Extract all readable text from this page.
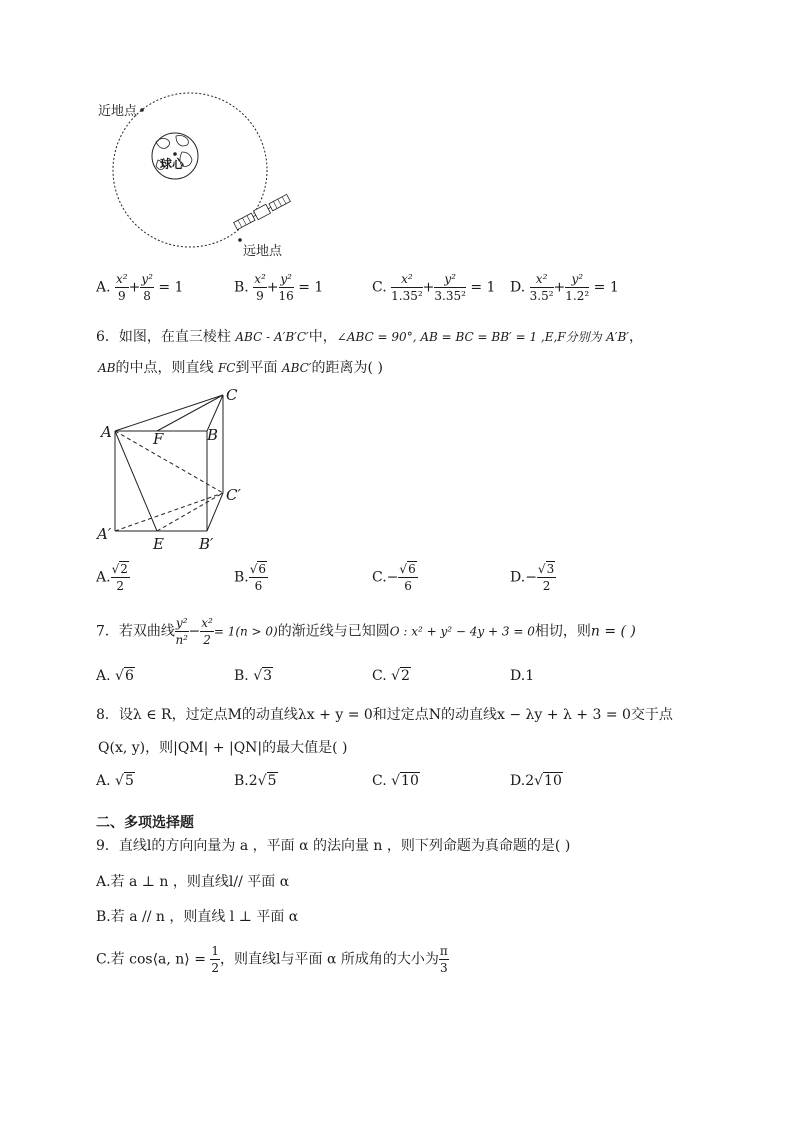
近地点
远地点
球心
A. $\frac{\text{x²}}{9} + \frac{\text{y²}}{8} = 1$	B. $\frac{\text{x²}}{9} + \frac{\text{y²}}{16} = 1$	C. $\frac{\text{x²}}{\text{1.35²}} + \frac{\text{y²}}{\text{3.35²}} = 1$ D. $\frac{\text{x²}}{\text{3.5²}} + \frac{\text{y²}}{\text{1.2²}} = 1$
6．如图，在直三棱柱 ABC - A′B′C′中，∠ABC = 90°, AB = BC = BB′ = 1 ,E,F分别为 A′B′，
AB的中点，则直线 FC到平面 ABC′的距离为( )
A	F	B
C
C′
A′
E B′
A. $\frac{√2}{2}$	B. $\frac{√6}{6}$	$C.- \frac{√6}{6}$	$D.- \frac{√3}{2}$
7．若双曲线 $\frac{\text{y²}}{\text{n²}} - \frac{\text{x²}}{2} = 1(n > 0)$的渐近线与已知圆O : x² + y² − 4y + 3 = 0相切，则n = ( )
A. √6	B. √3	C. √2	D.1
8．设λ ∈ R，过定点M的动直线λx + y = 0和过定点N的动直线x − λy + λ + 3 = 0交于点
Q(x, y)，则|QM| + |QN|的最大值是( )
A. √5	B.2√5	C. √10	D.2√10
二、多项选择题
9．直线l的方向向量为 a ，平面 α 的法向量 n ，则下列命题为真命题的是( )
A.若 a ⊥ n ，则直线l// 平面 α
B.若 a // n ，则直线 l ⊥ 平面 α
C.若 cos⟨a, n⟩ = $\frac{1}{2}$ ，则直线l与平面 α 所成角的大小为 $\frac{\pi}{3}$
